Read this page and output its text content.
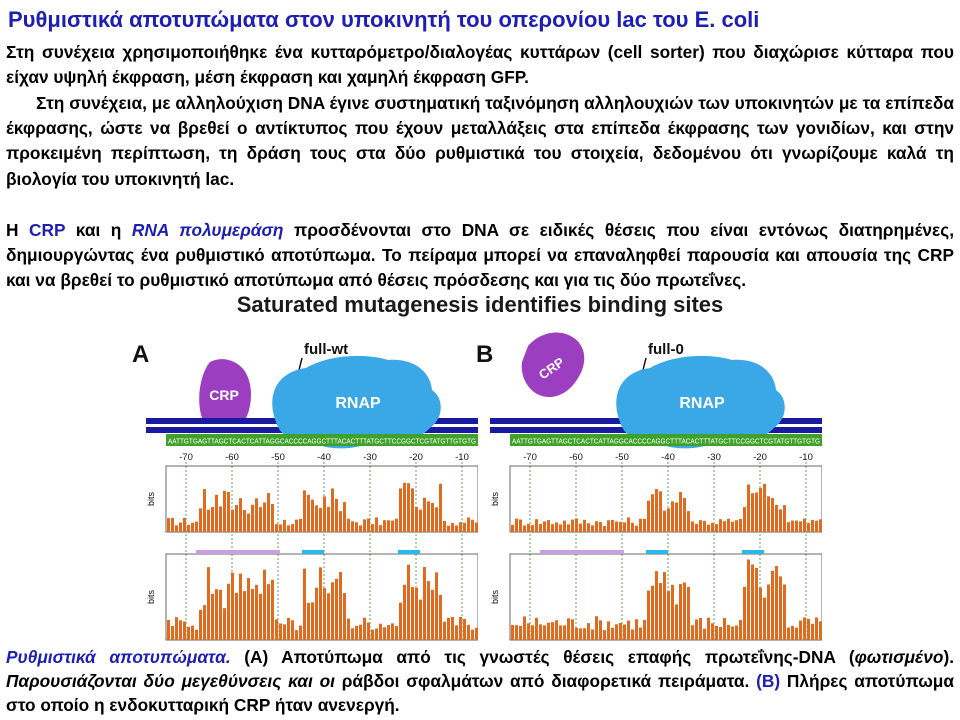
Ρυθμιστικά αποτυπώματα στον υποκινητή του οπερονίου lac του E. coli

Στη συνέχεια χρησιμοποιήθηκε ένα κυτταρόμετρο/διαλογέας κυττάρων (cell sorter) που διαχώρισε κύτταρα που είχαν υψηλή έκφραση, μέση έκφραση και χαμηλή έκφραση GFP.

Στη συνέχεια, με αλληλούχιση DNA έγινε συστηματική ταξινόμηση αλληλουχιών των υποκινητών με τα επίπεδα έκφρασης, ώστε να βρεθεί ο αντίκτυπος που έχουν μεταλλάξεις στα επίπεδα έκφρασης των γονιδίων, και στην προκειμένη περίπτωση, τη δράση τους στα δύο ρυθμιστικά του στοιχεία, δεδομένου ότι γνωρίζουμε καλά τη βιολογία του υποκινητή lac.

Η CRP και η RNA πολυμεράση προσδένονται στο DNA σε ειδικές θέσεις που είναι εντόνως διατηρημένες, δημιουργώντας ένα ρυθμιστικό αποτύπωμα. Το πείραμα μπορεί να επαναληφθεί παρουσία και απουσία της CRP και να βρεθεί το ρυθμιστικό αποτύπωμα από θέσεις πρόσδεσης και για τις δύο πρωτεΐνες.

Saturated mutagenesis identifies binding sites
A	full-wt
RNAP
CRP
AATTGTGAGTTAGCTCACTCATTAGGCACCCCAGGCTTTACACTTTATGCTTCCGGCTCGTATGTTGTGTG
-70	-60	-50	-40	-30	-20	-10
bits
bits
B	full-0
RNAP
CRP
AATTGTGAGTTAGCTCACTCATTAGGCACCCCAGGCTTTACACTTTATGCTTCCGGCTCGTATGTTGTGTG
-70	-60	-50	-40	-30	-20	-10
bits
bits

Ρυθμιστικά αποτυπώματα. (A) Αποτύπωμα από τις γνωστές θέσεις επαφής πρωτεΐνης-DNA (φωτισμένο). Παρουσιάζονται δύο μεγεθύνσεις και οι ράβδοι σφαλμάτων από διαφορετικά πειράματα. (B) Πλήρες αποτύπωμα στο οποίο η ενδοκυτταρική CRP ήταν ανενεργή.
